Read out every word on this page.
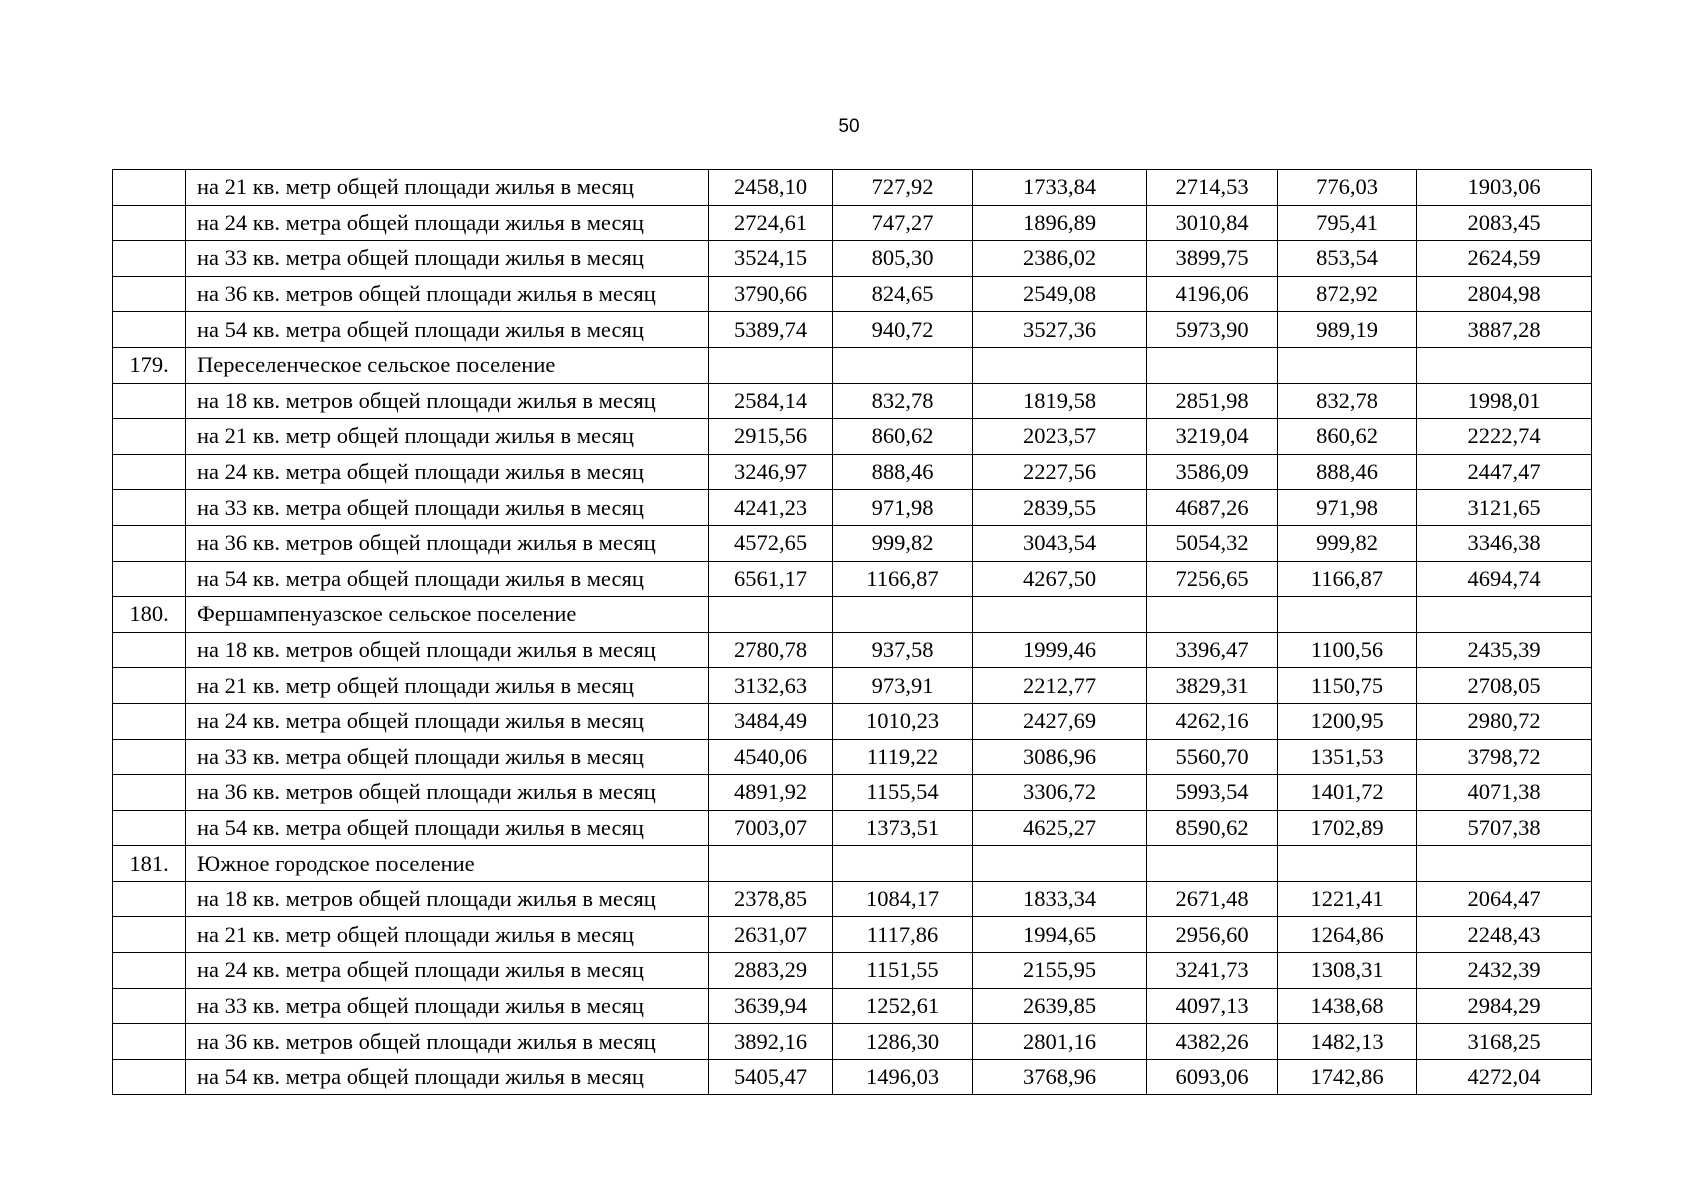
50
	на 21 кв. метр общей площади жилья в месяц	2458,10	727,92	1733,84	2714,53	776,03	1903,06
	на 24 кв. метра общей площади жилья в месяц	2724,61	747,27	1896,89	3010,84	795,41	2083,45
	на 33 кв. метра общей площади жилья в месяц	3524,15	805,30	2386,02	3899,75	853,54	2624,59
	на 36 кв. метров общей площади жилья в месяц	3790,66	824,65	2549,08	4196,06	872,92	2804,98
	на 54 кв. метра общей площади жилья в месяц	5389,74	940,72	3527,36	5973,90	989,19	3887,28
179.	Переселенческое сельское поселение						
	на 18 кв. метров общей площади жилья в месяц	2584,14	832,78	1819,58	2851,98	832,78	1998,01
	на 21 кв. метр общей площади жилья в месяц	2915,56	860,62	2023,57	3219,04	860,62	2222,74
	на 24 кв. метра общей площади жилья в месяц	3246,97	888,46	2227,56	3586,09	888,46	2447,47
	на 33 кв. метра общей площади жилья в месяц	4241,23	971,98	2839,55	4687,26	971,98	3121,65
	на 36 кв. метров общей площади жилья в месяц	4572,65	999,82	3043,54	5054,32	999,82	3346,38
	на 54 кв. метра общей площади жилья в месяц	6561,17	1166,87	4267,50	7256,65	1166,87	4694,74
180.	Фершампенуазское сельское поселение						
	на 18 кв. метров общей площади жилья в месяц	2780,78	937,58	1999,46	3396,47	1100,56	2435,39
	на 21 кв. метр общей площади жилья в месяц	3132,63	973,91	2212,77	3829,31	1150,75	2708,05
	на 24 кв. метра общей площади жилья в месяц	3484,49	1010,23	2427,69	4262,16	1200,95	2980,72
	на 33 кв. метра общей площади жилья в месяц	4540,06	1119,22	3086,96	5560,70	1351,53	3798,72
	на 36 кв. метров общей площади жилья в месяц	4891,92	1155,54	3306,72	5993,54	1401,72	4071,38
	на 54 кв. метра общей площади жилья в месяц	7003,07	1373,51	4625,27	8590,62	1702,89	5707,38
181.	Южное городское поселение						
	на 18 кв. метров общей площади жилья в месяц	2378,85	1084,17	1833,34	2671,48	1221,41	2064,47
	на 21 кв. метр общей площади жилья в месяц	2631,07	1117,86	1994,65	2956,60	1264,86	2248,43
	на 24 кв. метра общей площади жилья в месяц	2883,29	1151,55	2155,95	3241,73	1308,31	2432,39
	на 33 кв. метра общей площади жилья в месяц	3639,94	1252,61	2639,85	4097,13	1438,68	2984,29
	на 36 кв. метров общей площади жилья в месяц	3892,16	1286,30	2801,16	4382,26	1482,13	3168,25
	на 54 кв. метра общей площади жилья в месяц	5405,47	1496,03	3768,96	6093,06	1742,86	4272,04
